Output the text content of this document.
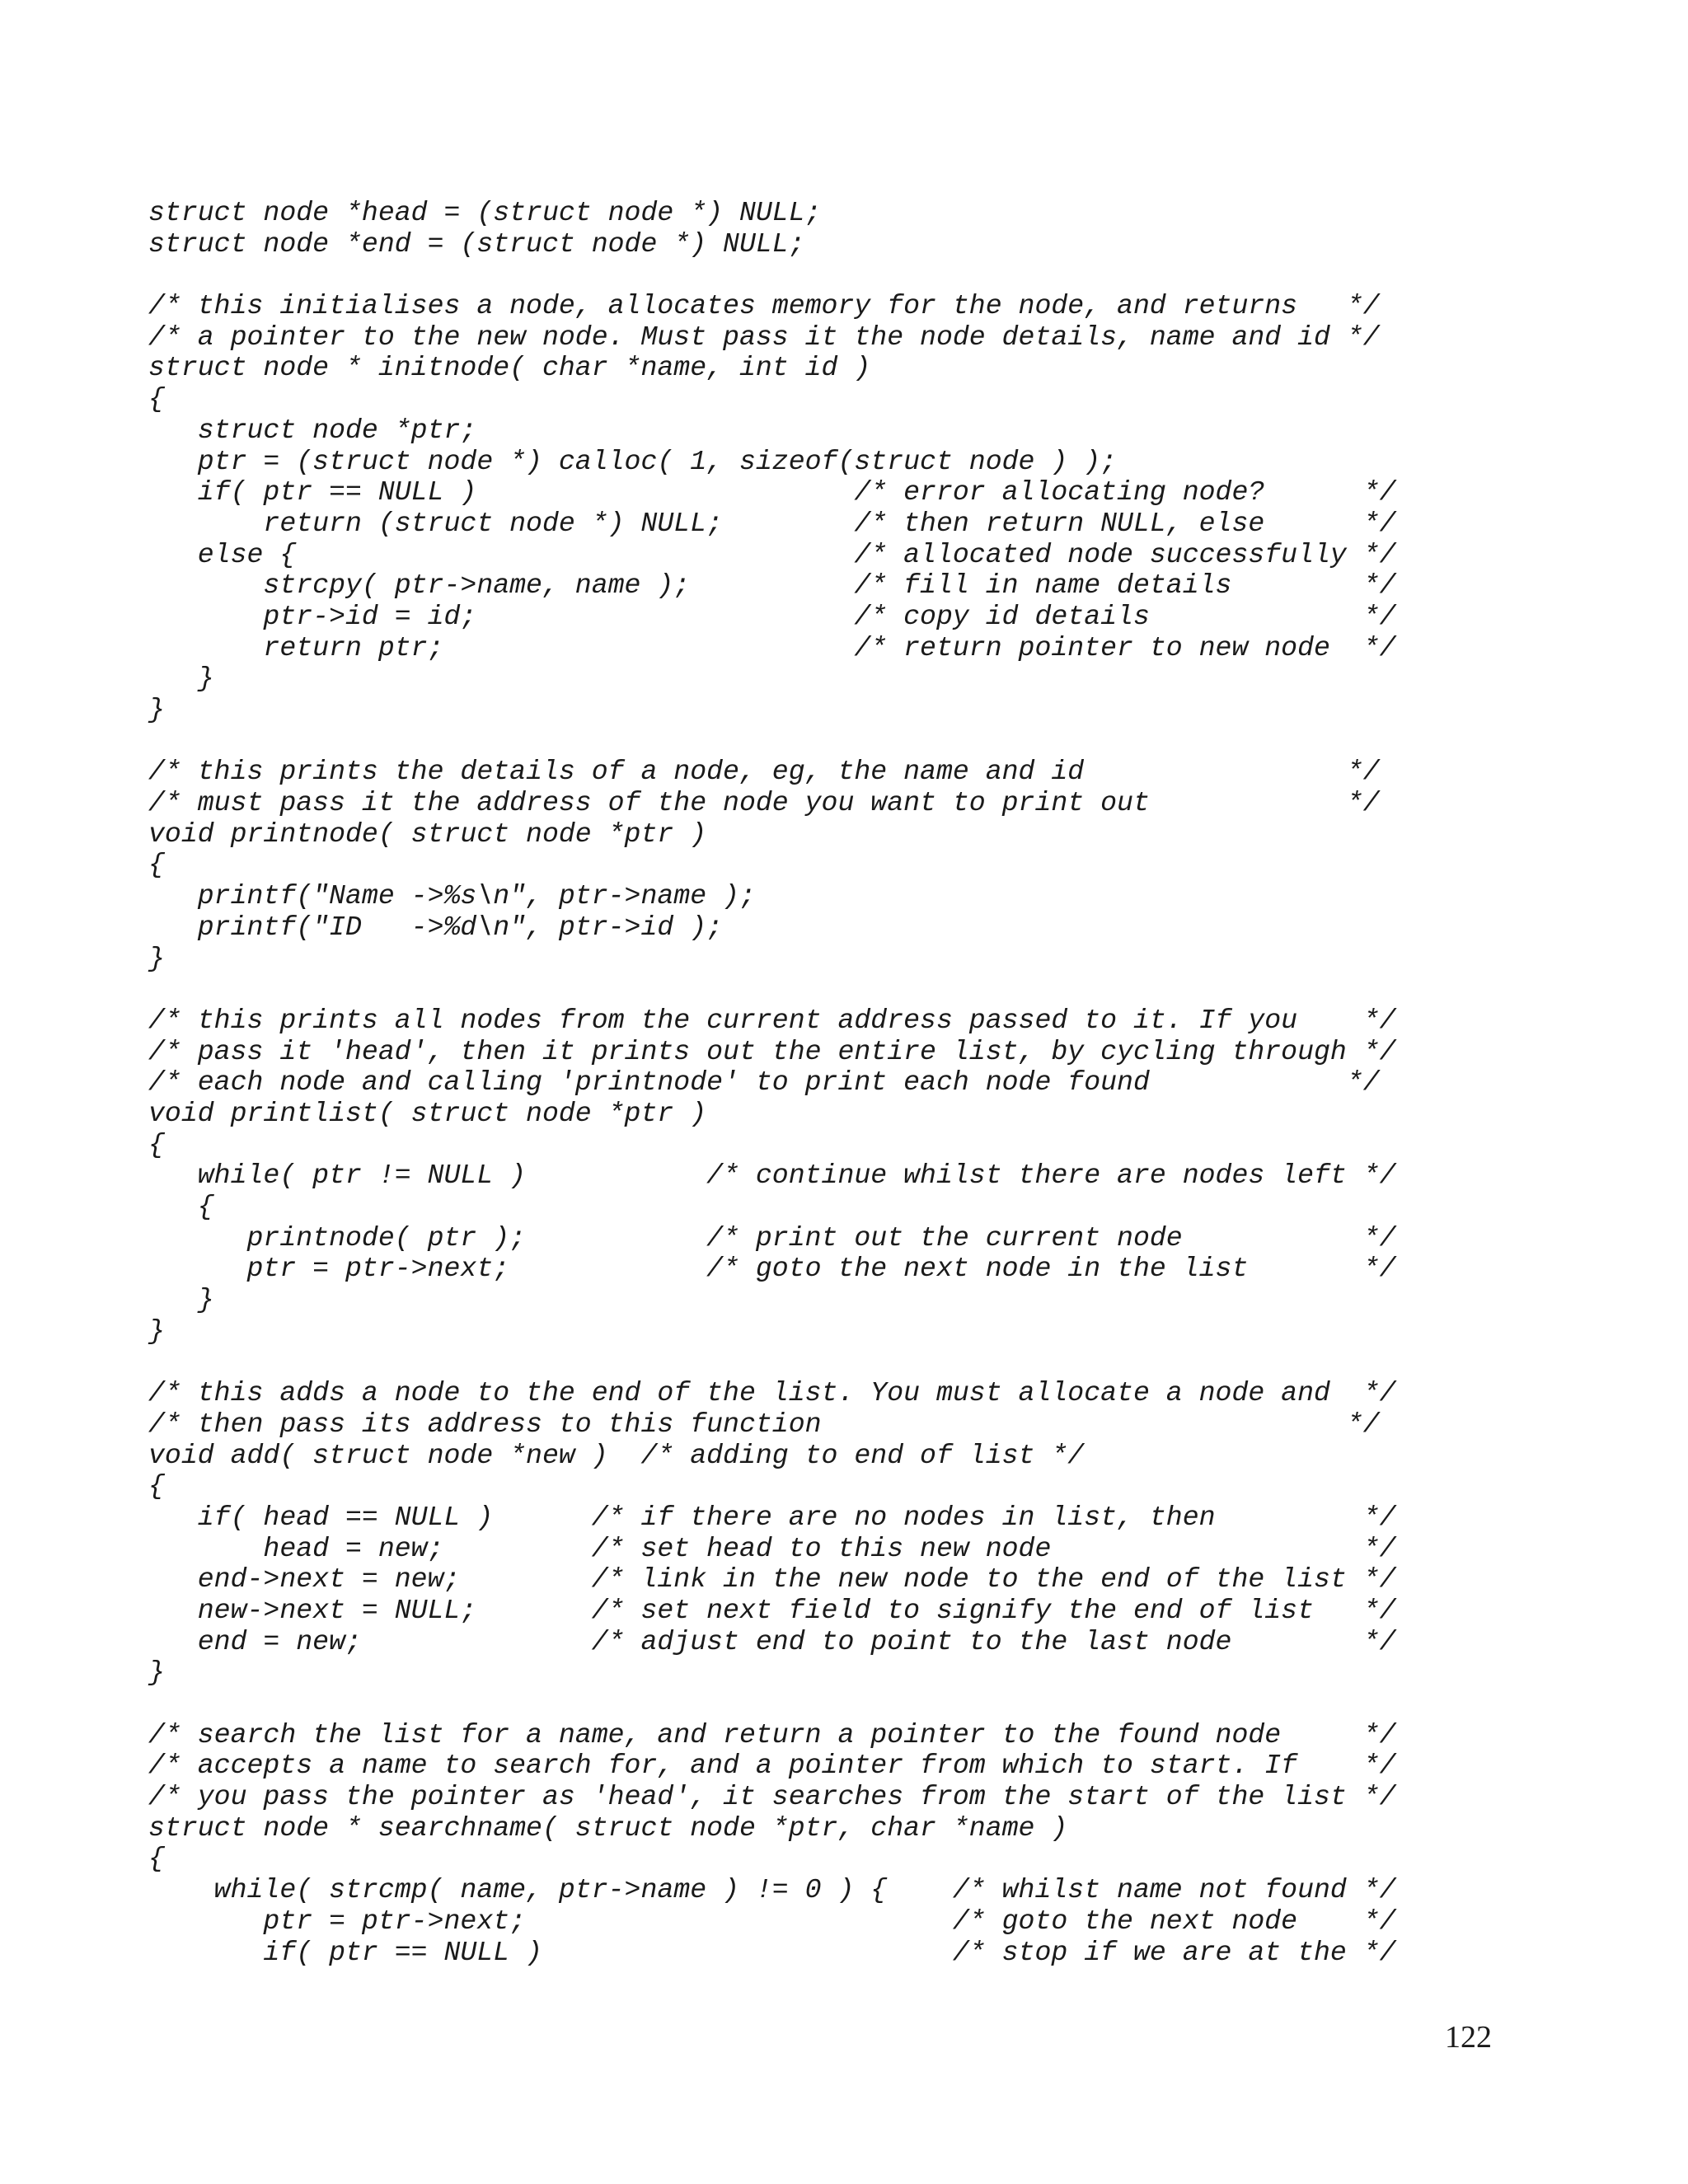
struct node *head = (struct node *) NULL;
struct node *end = (struct node *) NULL;
/* this initialises a node, allocates memory for the node, and returns   */
/* a pointer to the new node. Must pass it the node details, name and id */
struct node * initnode( char *name, int id )
{
struct node *ptr;
ptr = (struct node *) calloc( 1, sizeof(struct node ) );
if( ptr == NULL )                       /* error allocating node?      */
return (struct node *) NULL;        /* then return NULL, else      */
else {                                  /* allocated node successfully */
strcpy( ptr->name, name );          /* fill in name details        */
ptr->id = id;                       /* copy id details             */
return ptr;                         /* return pointer to new node  */
}
}
/* this prints the details of a node, eg, the name and id                */
/* must pass it the address of the node you want to print out            */
void printnode( struct node *ptr )
{
printf("Name ->%s\n", ptr->name );
printf("ID   ->%d\n", ptr->id );
}
/* this prints all nodes from the current address passed to it. If you    */
/* pass it 'head', then it prints out the entire list, by cycling through */
/* each node and calling 'printnode' to print each node found            */
void printlist( struct node *ptr )
{
while( ptr != NULL )           /* continue whilst there are nodes left */
{
printnode( ptr );           /* print out the current node           */
ptr = ptr->next;            /* goto the next node in the list       */
}
}
/* this adds a node to the end of the list. You must allocate a node and  */
/* then pass its address to this function                                */
void add( struct node *new )  /* adding to end of list */
{
if( head == NULL )      /* if there are no nodes in list, then         */
head = new;         /* set head to this new node                   */
end->next = new;        /* link in the new node to the end of the list */
new->next = NULL;       /* set next field to signify the end of list   */
end = new;              /* adjust end to point to the last node        */
}
/* search the list for a name, and return a pointer to the found node     */
/* accepts a name to search for, and a pointer from which to start. If    */
/* you pass the pointer as 'head', it searches from the start of the list */
struct node * searchname( struct node *ptr, char *name )
{
while( strcmp( name, ptr->name ) != 0 ) {    /* whilst name not found */
ptr = ptr->next;                          /* goto the next node    */
if( ptr == NULL )                         /* stop if we are at the */
122
